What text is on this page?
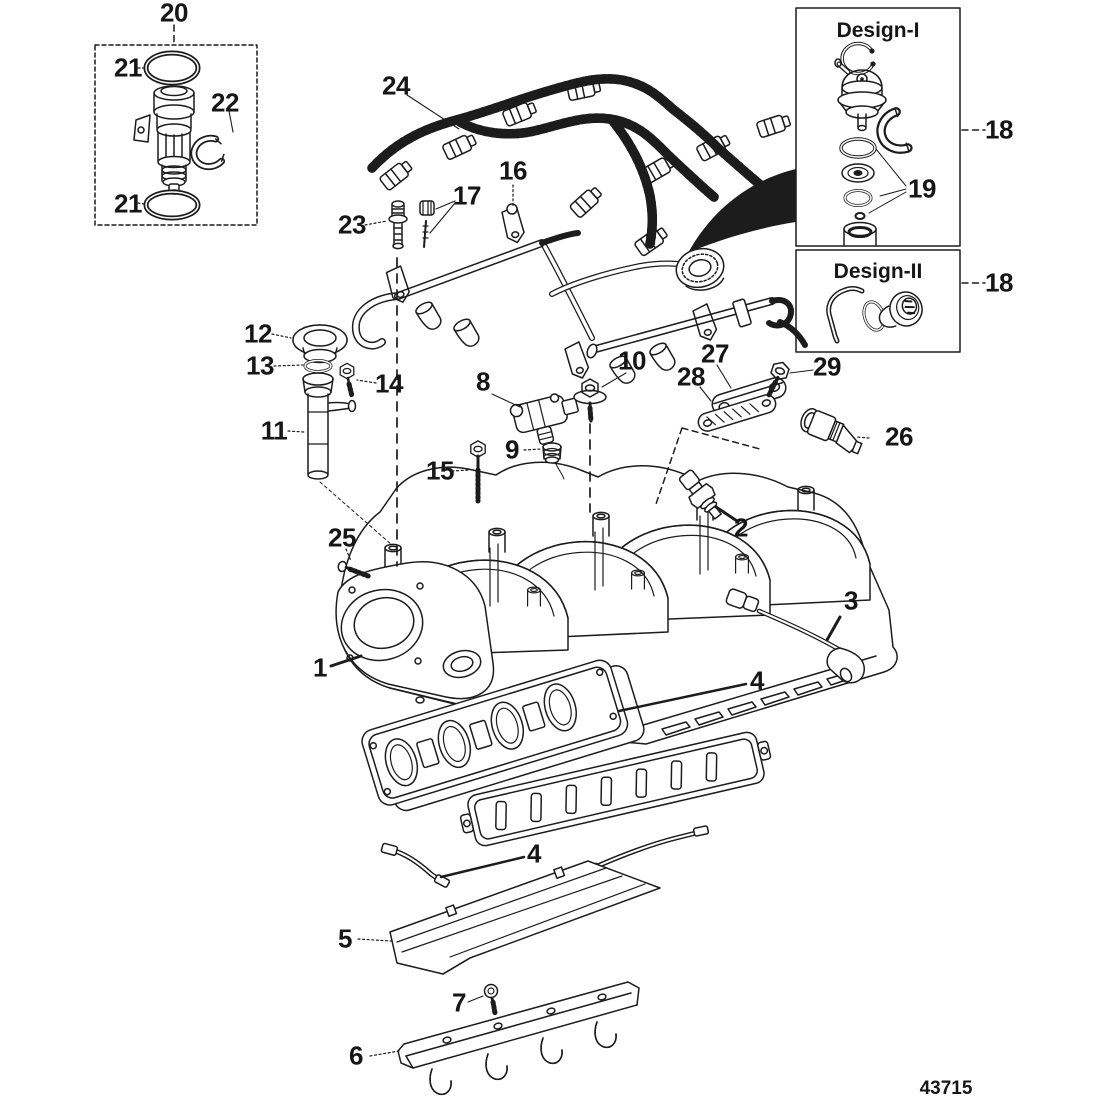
Design-I
Design-II
43715
20
21
22
21
24
16
17
23
18
19
18
12
13
14
11
15
8
9
10 27
28	29
26
2
25
1
3
4
4
5
7
6
